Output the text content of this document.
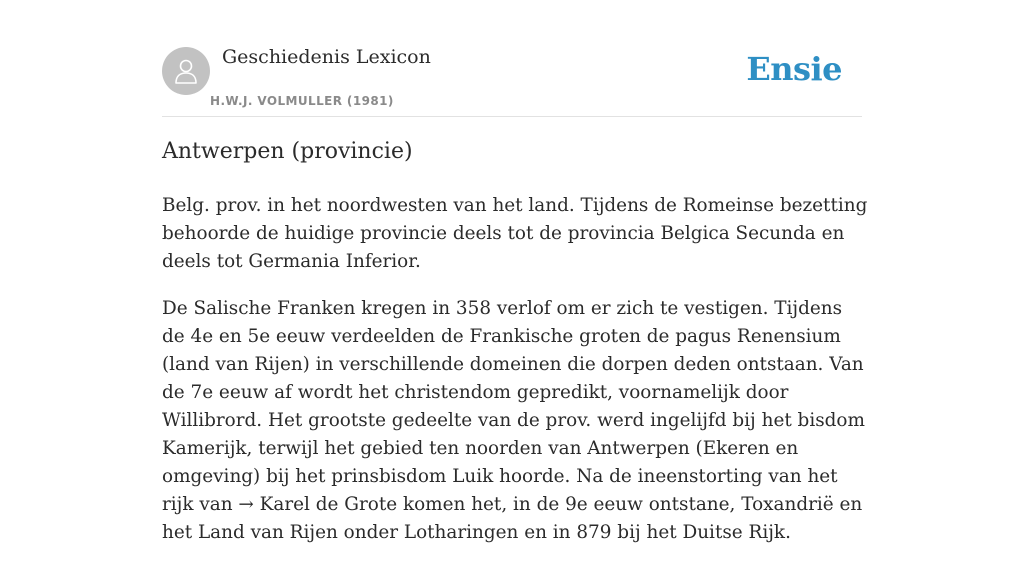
Geschiedenis Lexicon
H.W.J. VOLMULLER (1981)
Ensie
Antwerpen (provincie)

Belg. prov. in het noordwesten van het land. Tijdens de Romeinse bezetting behoorde de huidige provincie deels tot de provincia Belgica Secunda en deels tot Germania Inferior.

De Salische Franken kregen in 358 verlof om er zich te vestigen. Tijdens de 4e en 5e eeuw verdeelden de Frankische groten de pagus Renensium (land van Rijen) in verschillende domeinen die dorpen deden ontstaan. Van de 7e eeuw af wordt het christendom gepredikt, voornamelijk door Willibrord. Het grootste gedeelte van de prov. werd ingelijfd bij het bisdom Kamerijk, terwijl het gebied ten noorden van Antwerpen (Ekeren en omgeving) bij het prinsbisdom Luik hoorde. Na de ineenstorting van het rijk van → Karel de Grote komen het, in de 9e eeuw ontstane, Toxandrië en het Land van Rijen onder Lotharingen en in 879 bij het Duitse Rijk.
